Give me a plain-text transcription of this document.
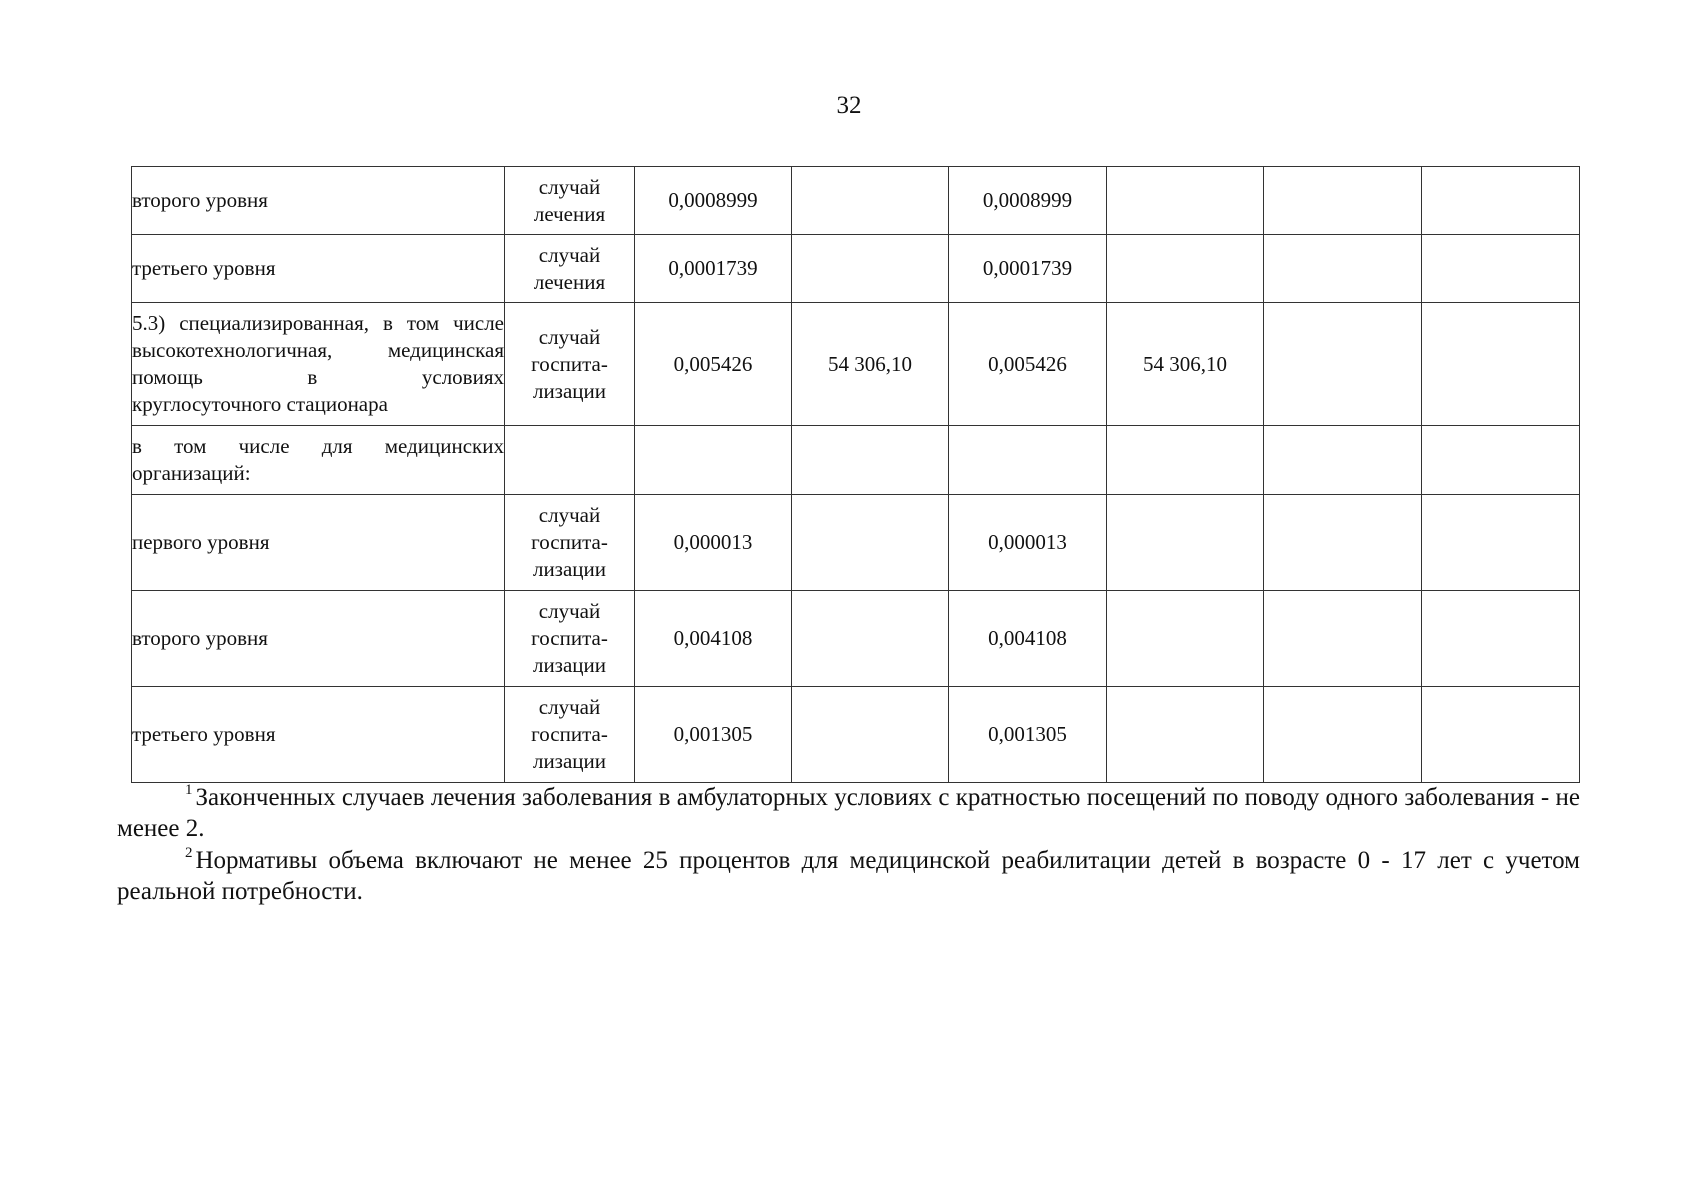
32
второго уровня	случай лечения	0,0008999		0,0008999			
третьего уровня	случай лечения	0,0001739		0,0001739			
5.3) специализированная, в том числе высокотехнологичная, медицинская помощь в условиях
круглосуточного стационара	случай госпита-лизации	0,005426	54 306,10	0,005426	54 306,10		
в том числе для медицинских
организаций:							

первого уровня	случай госпита-лизации	0,000013		0,000013			
второго уровня	случай госпита-лизации	0,004108		0,004108			
третьего уровня	случай госпита-лизации	0,001305		0,001305			

$^1$ Законченных случаев лечения заболевания в амбулаторных условиях с кратностью посещений по поводу одного заболевания - не менее 2.

$^2$ Нормативы объема включают не менее 25 процентов для медицинской реабилитации детей в возрасте 0 - 17 лет с учетом реальной потребности.
